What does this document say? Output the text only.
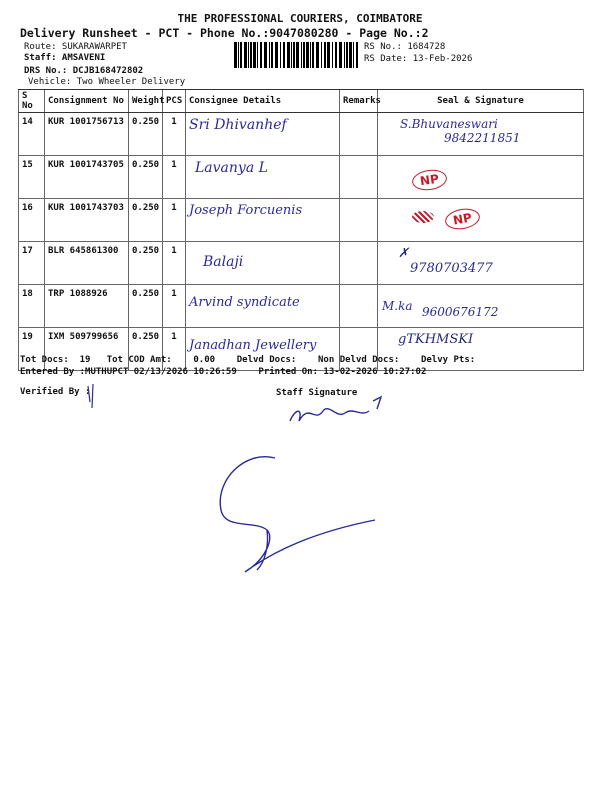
THE PROFESSIONAL COURIERS, COIMBATORE
Delivery Runsheet - PCT - Phone No.:9047080280 - Page No.:2
Route: SUKARAWARPET
Staff: AMSAVENI
DRS No.: DCJB168472802
Vehicle: Two Wheeler Delivery
RS No.: 1684728
RS Date: 13-Feb-2026
S No	Consignment No	Weight	PCS	Consignee Details	Remarks	Seal & Signature
14	KUR 1001756713	0.250	1	Sri Dhivanhef		S.Bhuvaneswari
9842211851

15	KUR 1001743705	0.250	1	Lavanya L		NP

16	KUR 1001743703	0.250	1	Joseph Forcuenis		NP

17	BLR 645861300	0.250	1	Balaji		✗
9780703477

18	TRP 1088926	0.250	1	Arvind syndicate		M.ka 9600676172

19	IXM 509799656	0.250	1	Janadhan Jewellery		gTKHMSKI
Tot Docs:  19   Tot COD Amt:    0.00    Delvd Docs:    Non Delvd Docs:    Delvy Pts:
Entered By :MUTHUPCT 02/13/2026 10:26:59    Printed On: 13-02-2026 10:27:02
Verified By :	Staff Signature
